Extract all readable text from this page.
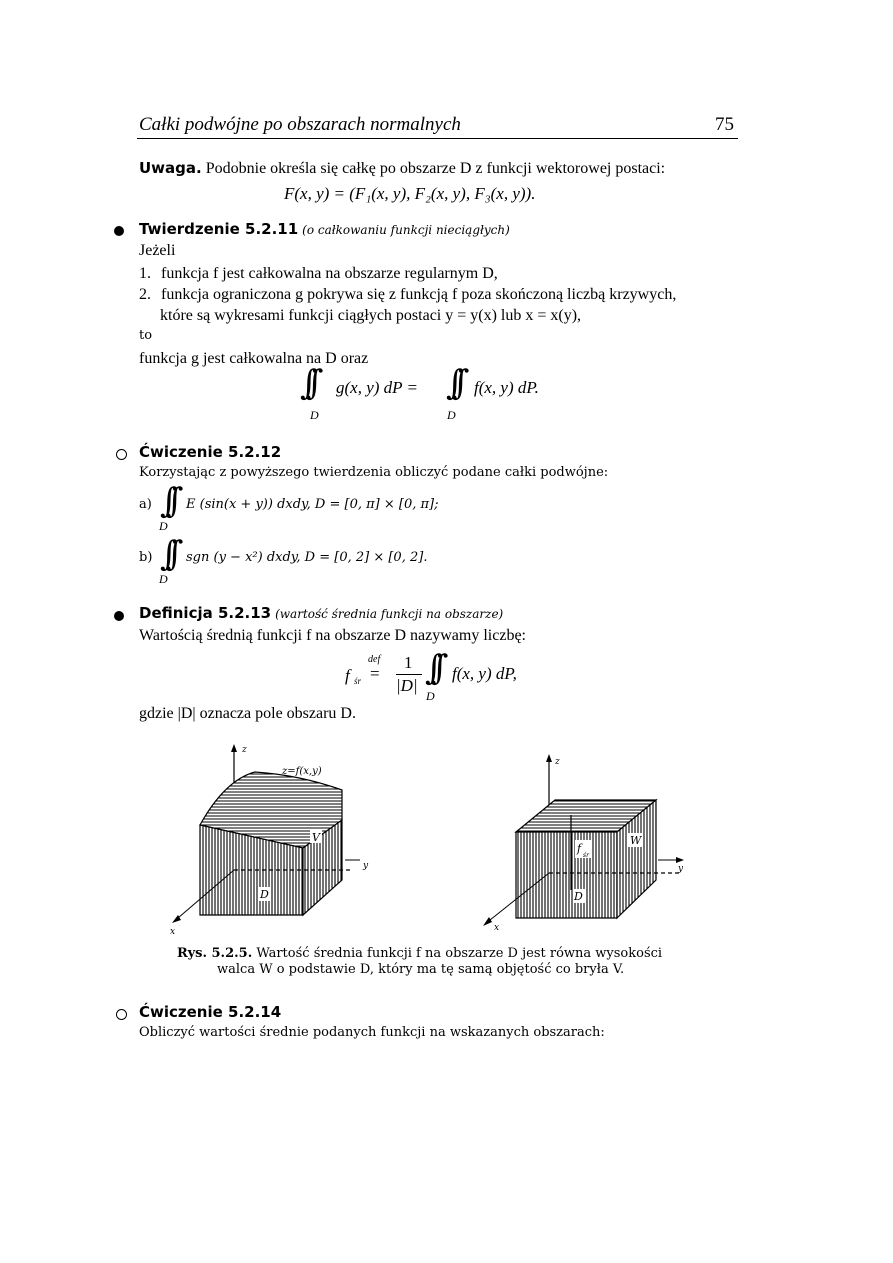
Całki podwójne po obszarach normalnych	75
Uwaga. Podobnie określa się całkę po obszarze D z funkcji wektorowej postaci:
F(x, y) = (F₁(x, y), F₂(x, y), F₃(x, y)).
Twierdzenie 5.2.11 (o całkowaniu funkcji nieciągłych)
Jeżeli
1. funkcja f jest całkowalna na obszarze regularnym D,
2. funkcja ograniczona g pokrywa się z funkcją f poza skończoną liczbą krzywych,
które są wykresami funkcji ciągłych postaci y = y(x) lub x = x(y),
to
funkcja g jest całkowalna na D oraz
∫∫
D
g(x, y) dP = ∫∫
D
f(x, y) dP.
Ćwiczenie 5.2.12
Korzystając z powyższego twierdzenia obliczyć podane całki podwójne:
a) ∫∫
D
E (sin(x + y)) dxdy, D = [0, π] × [0, π];
b) ∫∫
D
sgn (y − x²) dxdy, D = [0, 2] × [0, 2].
Definicja 5.2.13 (wartość średnia funkcji na obszarze)
Wartością średnią funkcji f na obszarze D nazywamy liczbę:
f śr
def
=
1
|D| ∫∫
D
f(x, y) dP,
gdzie |D| oznacza pole obszaru D.
z
z=f(x,y)
V
y
x
D
z
W
f
śr
y
x
D
Rys. 5.2.5. Wartość średnia funkcji f na obszarze D jest równa wysokości
walca W o podstawie D, który ma tę samą objętość co bryła V.
Ćwiczenie 5.2.14
Obliczyć wartości średnie podanych funkcji na wskazanych obszarach:
